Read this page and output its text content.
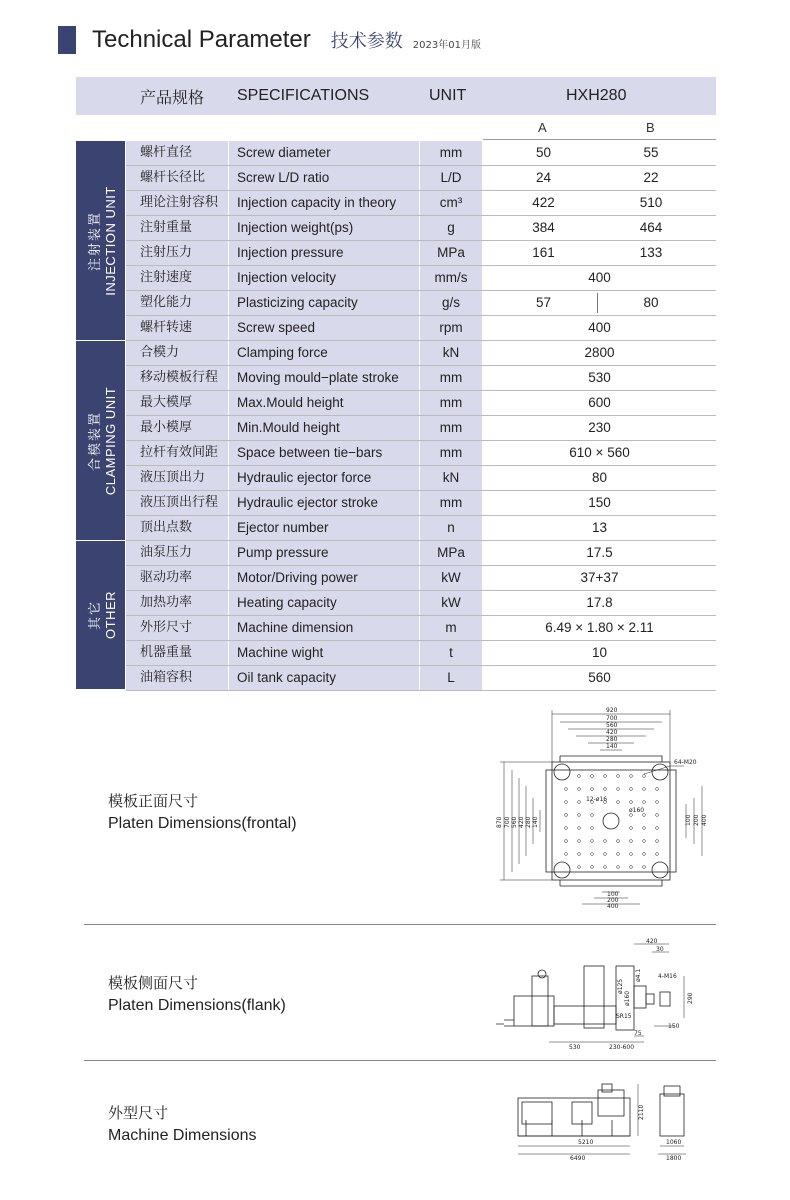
Technical Parameter 技术参数 2023年01月版
产品规格 SPECIFICATIONS	UNIT	HXH280
A	B
注射装置 INJECTION UNIT
合模装置 CLAMPING UNIT
其它 OTHER
螺杆直径	Screw diameter	mm	50	55
螺杆长径比	Screw L/D ratio	L/D	24	22
理论注射容积	Injection capacity in theory	cm³	422	510
注射重量	Injection weight(ps)	g	384	464
注射压力	Injection pressure	MPa	161	133
注射速度	Injection velocity	mm/s	400
塑化能力	Plasticizing capacity	g/s	57	80
螺杆转速	Screw speed	rpm	400
合模力	Clamping force	kN	2800
移动模板行程	Moving mould−plate stroke	mm	530
最大模厚	Max.Mould height	mm	600
最小模厚	Min.Mould height	mm	230
拉杆有效间距	Space between tie−bars	mm	610 × 560
液压顶出力	Hydraulic ejector force	kN	80
液压顶出行程	Hydraulic ejector stroke	mm	150
顶出点数	Ejector number	n	13
油泵压力	Pump pressure	MPa	17.5
驱动功率	Motor/Driving power	kW	37+37
加热功率	Heating capacity	kW	17.8
外形尺寸	Machine dimension	m	6.49 × 1.80 × 2.11
机器重量	Machine wight	t	10
油箱容积	Oil tank capacity	L	560
模板正面尺寸
Platen Dimensions(frontal)
920
700
560
420
280
140
100
200
400
870 700 560 420 280 140	100 200 400
64-M20
ø160
12-ø16
模板侧面尺寸
Platen Dimensions(flank)
420
30
530	230-600
75
290
150
4-M16
ø125
ø160
SR15
ø4.1
外型尺寸
Machine Dimensions	5210
6490
1060
1800
2110
